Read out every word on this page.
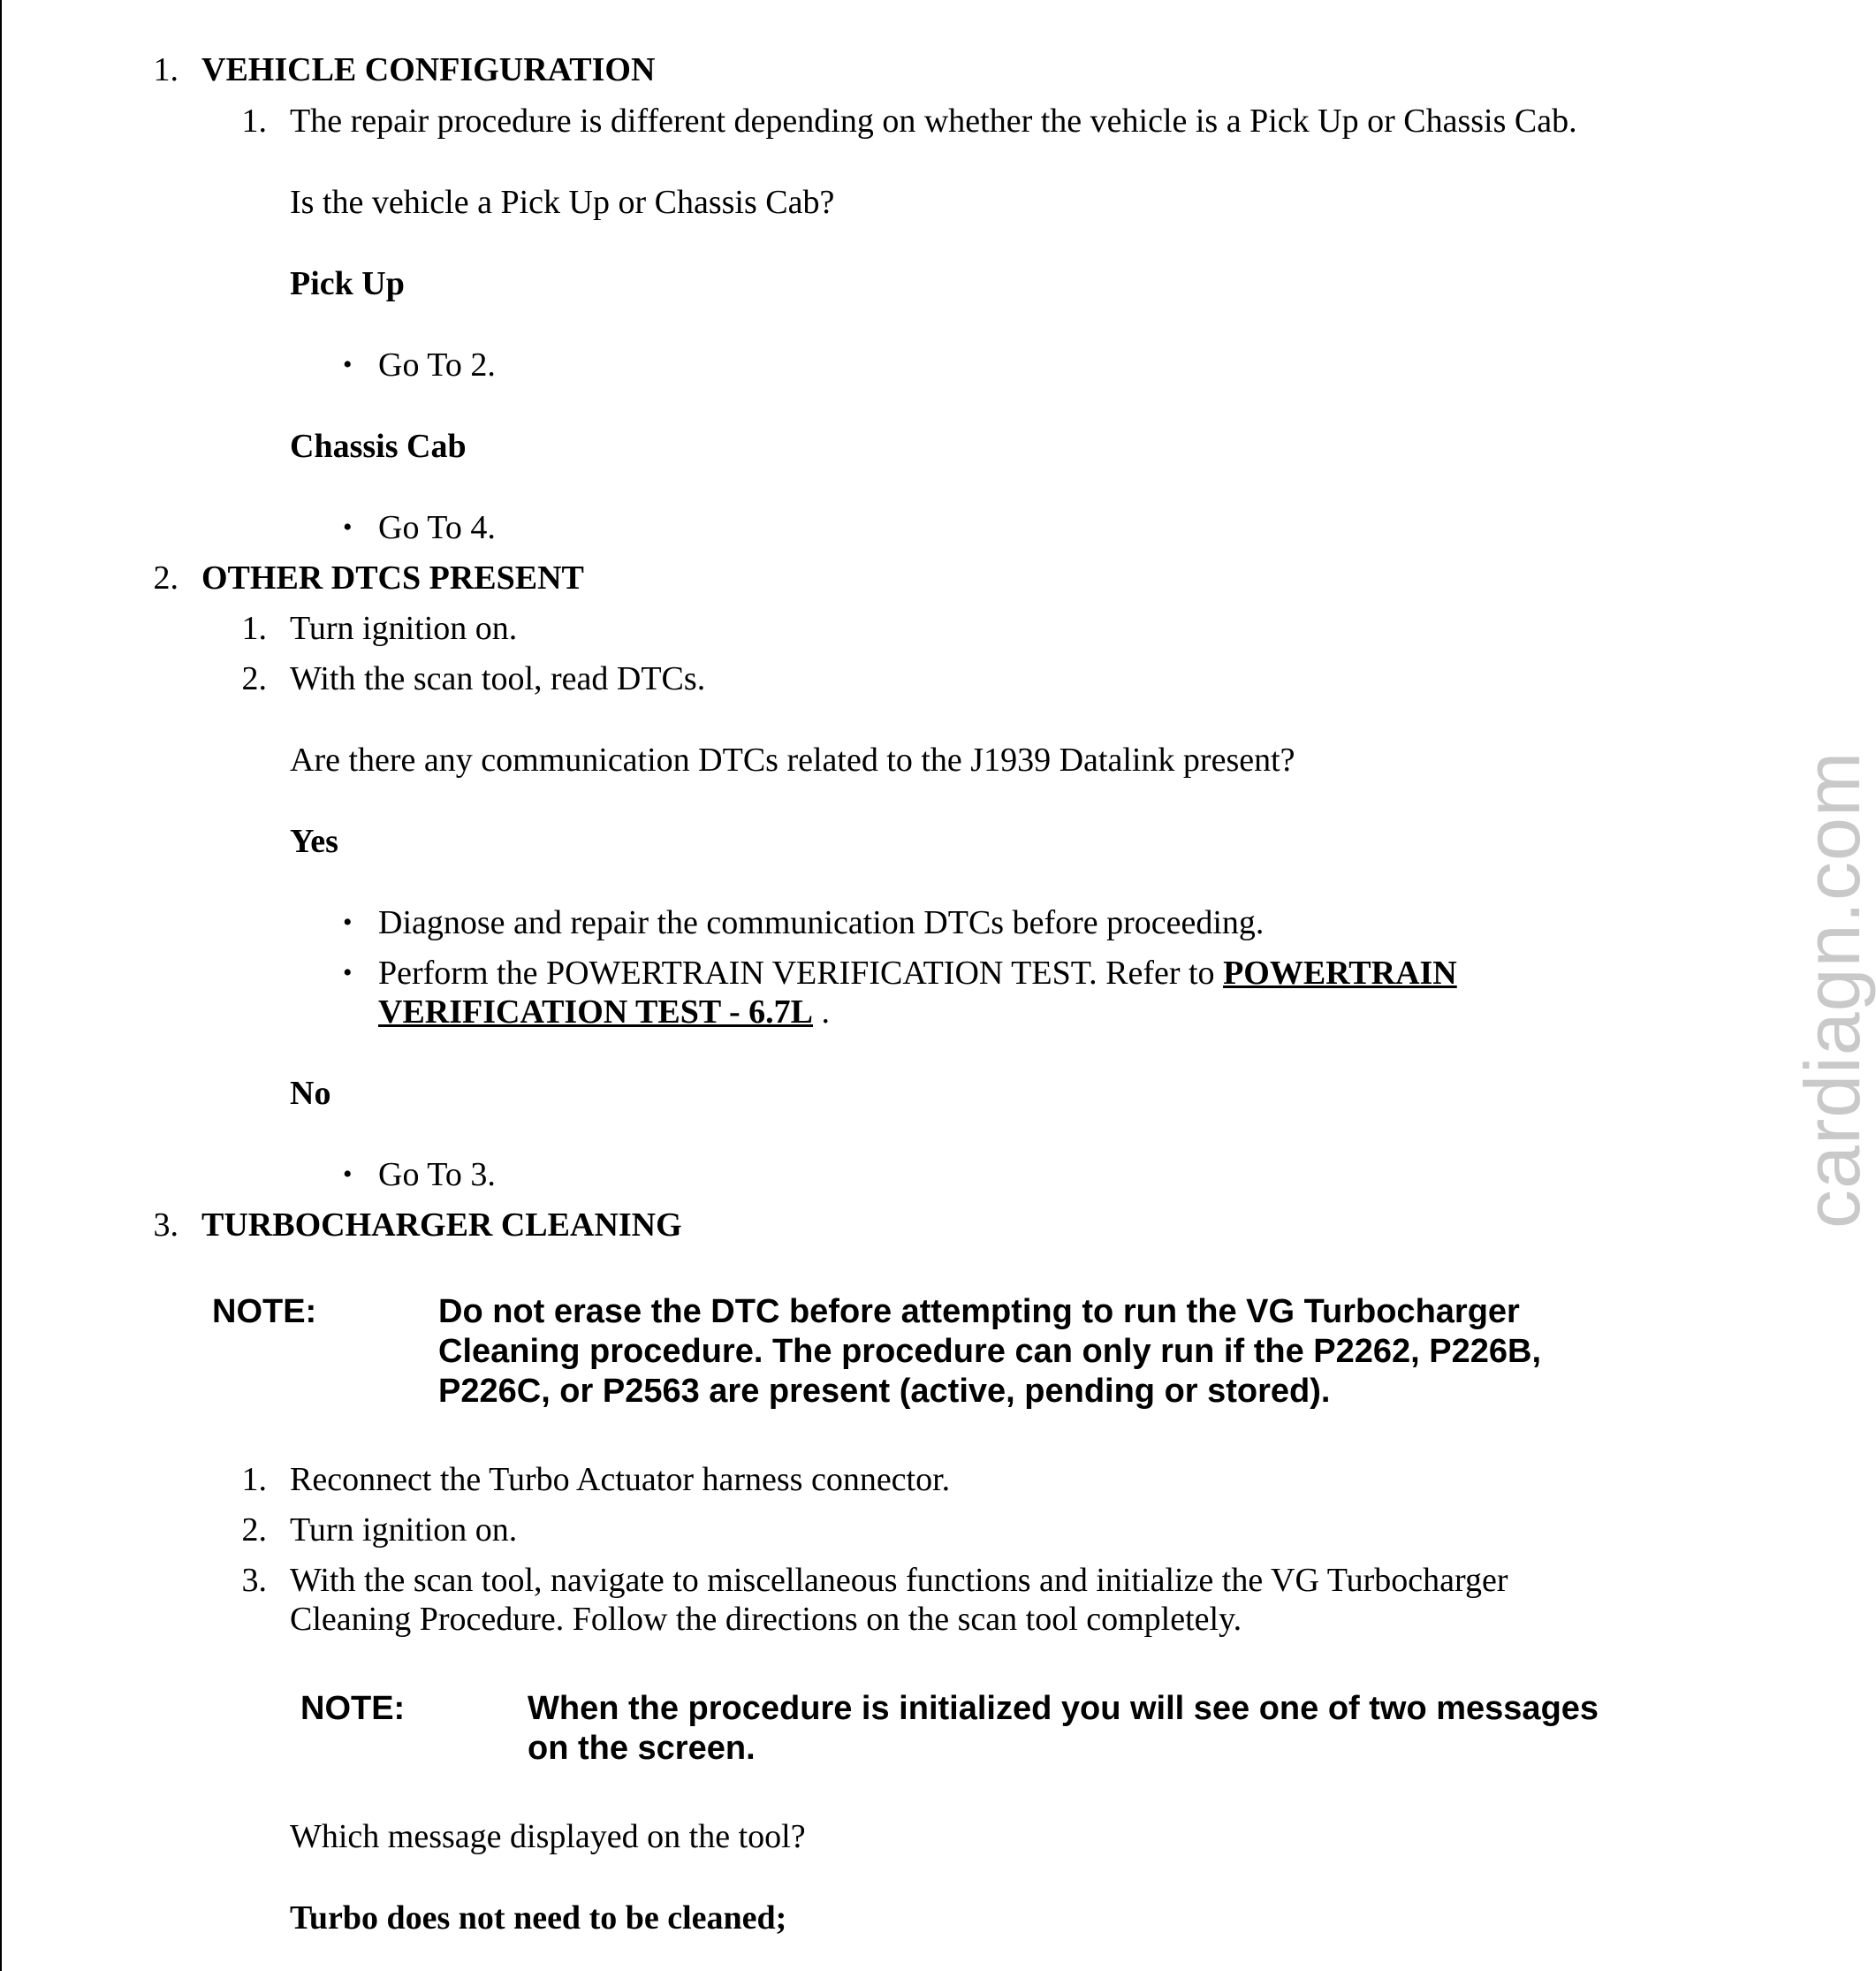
1. VEHICLE CONFIGURATION
1. The repair procedure is different depending on whether the vehicle is a Pick Up or Chassis Cab.
Is the vehicle a Pick Up or Chassis Cab?
Pick Up
• Go To 2.
Chassis Cab
• Go To 4.
2. OTHER DTCS PRESENT
1. Turn ignition on.
2. With the scan tool, read DTCs.
Are there any communication DTCs related to the J1939 Datalink present?
Yes
• Diagnose and repair the communication DTCs before proceeding.
• Perform the POWERTRAIN VERIFICATION TEST. Refer to POWERTRAIN
VERIFICATION TEST - 6.7L .
No
• Go To 3.
3. TURBOCHARGER CLEANING
NOTE:	Do not erase the DTC before attempting to run the VG Turbocharger
Cleaning procedure. The procedure can only run if the P2262, P226B,
P226C, or P2563 are present (active, pending or stored).
1. Reconnect the Turbo Actuator harness connector.
2. Turn ignition on.
3. With the scan tool, navigate to miscellaneous functions and initialize the VG Turbocharger
Cleaning Procedure. Follow the directions on the scan tool completely.
NOTE:	When the procedure is initialized you will see one of two messages
on the screen.
Which message displayed on the tool?
Turbo does not need to be cleaned;
cardiagn.com
